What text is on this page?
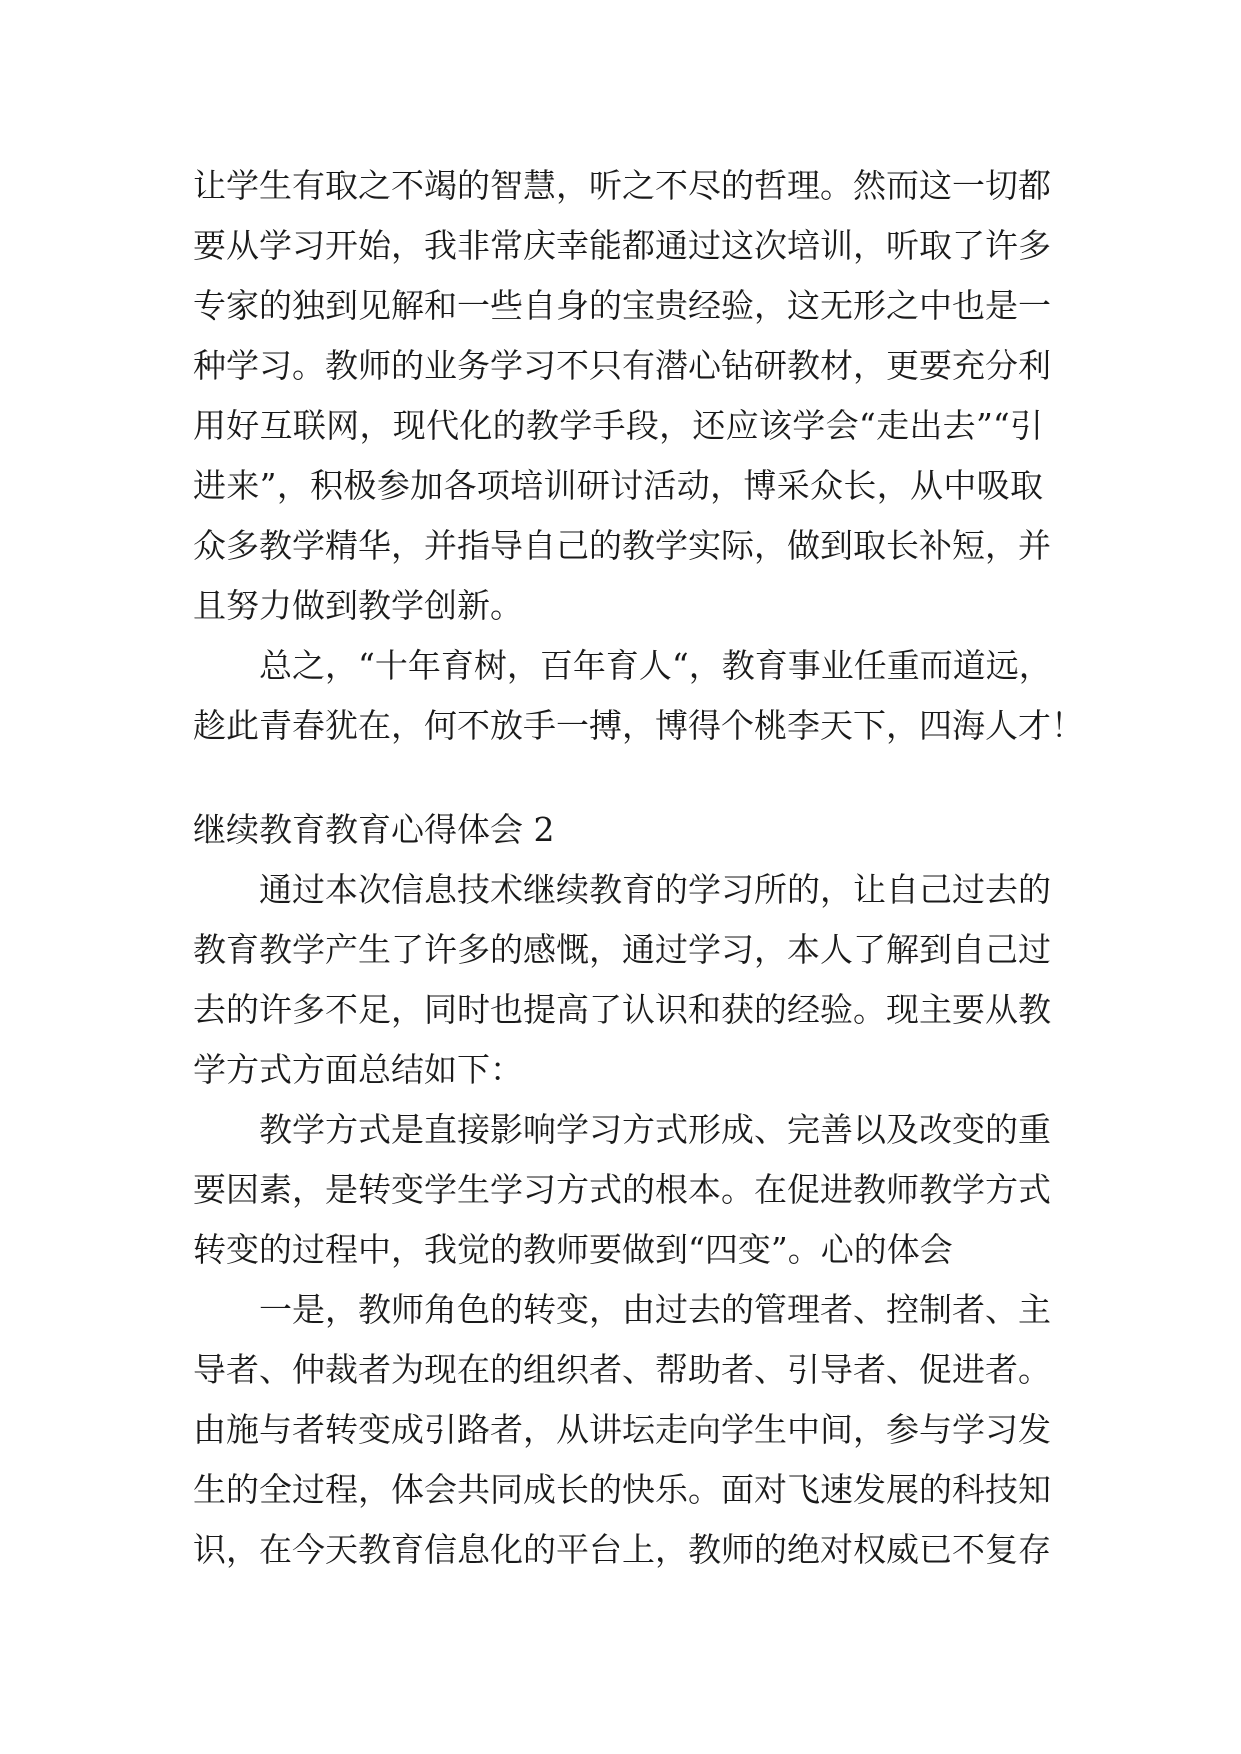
让学生有取之不竭的智慧，听之不尽的哲理。然而这一切都
要从学习开始，我非常庆幸能都通过这次培训，听取了许多
专家的独到见解和一些自身的宝贵经验，这无形之中也是一
种学习。教师的业务学习不只有潜心钻研教材，更要充分利
用好互联网，现代化的教学手段，还应该学会“走出去”“引
进来”，积极参加各项培训研讨活动，博采众长，从中吸取
众多教学精华，并指导自己的教学实际，做到取长补短，并
且努力做到教学创新。
总之，“十年育树，百年育人“，教育事业任重而道远，
趁此青春犹在，何不放手一搏，博得个桃李天下，四海人才！
继续教育教育心得体会 2
通过本次信息技术继续教育的学习所的，让自己过去的
教育教学产生了许多的感慨，通过学习，本人了解到自己过
去的许多不足，同时也提高了认识和获的经验。现主要从教
学方式方面总结如下：
教学方式是直接影响学习方式形成、完善以及改变的重
要因素，是转变学生学习方式的根本。在促进教师教学方式
转变的过程中，我觉的教师要做到“四变”。心的体会
一是，教师角色的转变，由过去的管理者、控制者、主
导者、仲裁者为现在的组织者、帮助者、引导者、促进者。
由施与者转变成引路者，从讲坛走向学生中间，参与学习发
生的全过程，体会共同成长的快乐。面对飞速发展的科技知
识，在今天教育信息化的平台上，教师的绝对权威已不复存
